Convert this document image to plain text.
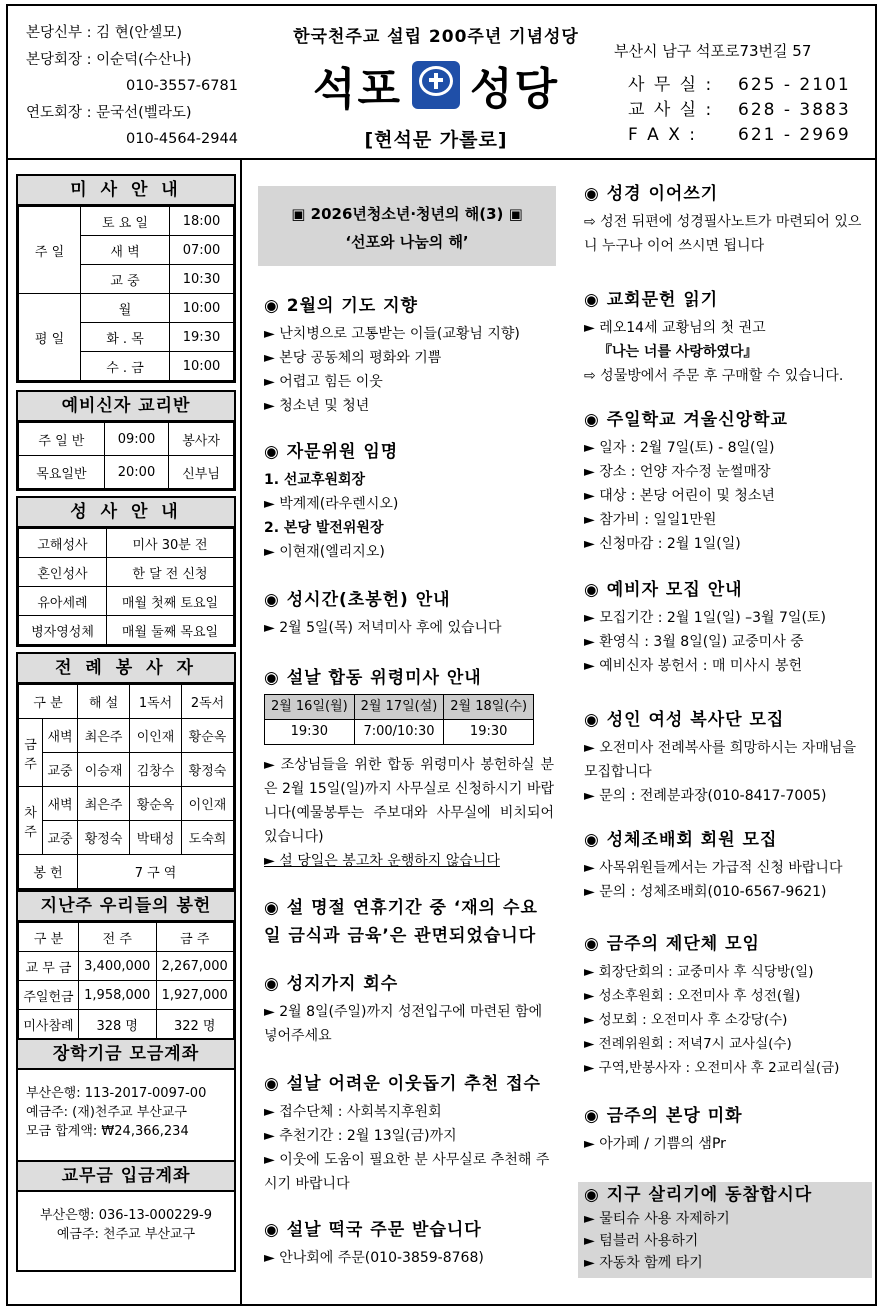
본당신부 : 김 현(안셀모)
본당회장 : 이순덕(수산나)
010-3557-6781
연도회장 : 문국선(벨라도)
010-4564-2944
한국천주교 설립 200주년 기념성당
석포 성당
[현석문 가롤로]
부산시 남구 석포로73번길 57
사 무 실 :	625 - 2101
교 사 실 :	628 - 3883
F A X :	621 - 2969
미 사 안 내
주 일	토 요 일	18:00
	새 벽	07:00
	교 중	10:30
평 일	월	10:00
	화 . 목	19:30
	수 . 금	10:00
예비신자 교리반
주 일 반	09:00	봉사자
목요일반	20:00	신부님
성 사 안 내
고해성사	미사 30분 전
혼인성사	한 달 전 신청
유아세례	매월 첫째 토요일
병자영성체	매월 둘째 목요일
전 례 봉 사 자
구 분		해 설	1독서	2독서
금주	새벽	최은주	이인재	황순옥
	교중	이승재	김창수	황정숙
차주	새벽	최은주	황순옥	이인재
	교중	황정숙	박태성	도숙희
봉 헌		7 구 역		
지난주 우리들의 봉헌
구 분	전 주	금 주
교 무 금	3,400,000	2,267,000
주일헌금	1,958,000	1,927,000
미사참례	328 명	322 명
장학기금 모금계좌
부산은행: 113-2017-0097-00
예금주: (재)천주교 부산교구
모금 합계액: ₩24,366,234
교무금 입금계좌
부산은행: 036-13-000229-9
예금주: 천주교 부산교구
▣ 2026년청소년·청년의 해(3) ▣
‘선포와 나눔의 해’
◉ 2월의 기도 지향
► 난치병으로 고통받는 이들(교황님 지향)
► 본당 공동체의 평화와 기쁨
► 어렵고 힘든 이웃
► 청소년 및 청년
◉ 자문위원 임명
1. 선교후원회장
► 박계제(라우렌시오)
2. 본당 발전위원장
► 이현재(엘리지오)
◉ 성시간(초봉헌) 안내
► 2월 5일(목) 저녁미사 후에 있습니다
◉ 설날 합동 위령미사 안내
2월 16일(월)	2월 17일(설)	2월 18일(수)
19:30	7:00/10:30	19:30
► 조상님들을 위한 합동 위령미사 봉헌하실 분은 2월 15일(일)까지 사무실로 신청하시기 바랍니다(예물봉투는 주보대와 사무실에 비치되어 있습니다)
► 설 당일은 봉고차 운행하지 않습니다
◉ 설 명절 연휴기간 중 ‘재의 수요일 금식과 금육’은 관면되었습니다
◉ 성지가지 회수
► 2월 8일(주일)까지 성전입구에 마련된 함에 넣어주세요
◉ 설날 어려운 이웃돕기 추천 접수
► 접수단체 : 사회복지후원회
► 추천기간 : 2월 13일(금)까지
► 이웃에 도움이 필요한 분 사무실로 추천해 주시기 바랍니다
◉ 설날 떡국 주문 받습니다
► 안나회에 주문(010-3859-8768)
◉ 성경 이어쓰기
⇨ 성전 뒤편에 성경필사노트가 마련되어 있으니 누구나 이어 쓰시면 됩니다
◉ 교회문헌 읽기
► 레오14세 교황님의 첫 권고
『나는 너를 사랑하였다』
⇨ 성물방에서 주문 후 구매할 수 있습니다.
◉ 주일학교 겨울신앙학교
► 일자 : 2월 7일(토) - 8일(일)
► 장소 : 언양 자수정 눈썰매장
► 대상 : 본당 어린이 및 청소년
► 참가비 : 일일1만원
► 신청마감 : 2월 1일(일)
◉ 예비자 모집 안내
► 모집기간 : 2월 1일(일) –3월 7일(토)
► 환영식 : 3월 8일(일) 교중미사 중
► 예비신자 봉헌서 : 매 미사시 봉헌
◉ 성인 여성 복사단 모집
► 오전미사 전례복사를 희망하시는 자매님을 모집합니다
► 문의 : 전례분과장(010-8417-7005)
◉ 성체조배회 회원 모집
► 사목위원들께서는 가급적 신청 바랍니다
► 문의 : 성체조배회(010-6567-9621)
◉ 금주의 제단체 모임
► 회장단회의 : 교중미사 후 식당방(일)
► 성소후원회 : 오전미사 후 성전(월)
► 성모회 : 오전미사 후 소강당(수)
► 전례위원회 : 저녁7시 교사실(수)
► 구역,반봉사자 : 오전미사 후 2교리실(금)
◉ 금주의 본당 미화
► 아가페 / 기쁨의 샘Pr
◉ 지구 살리기에 동참합시다
► 물티슈 사용 자제하기
► 텀블러 사용하기
► 자동차 함께 타기
